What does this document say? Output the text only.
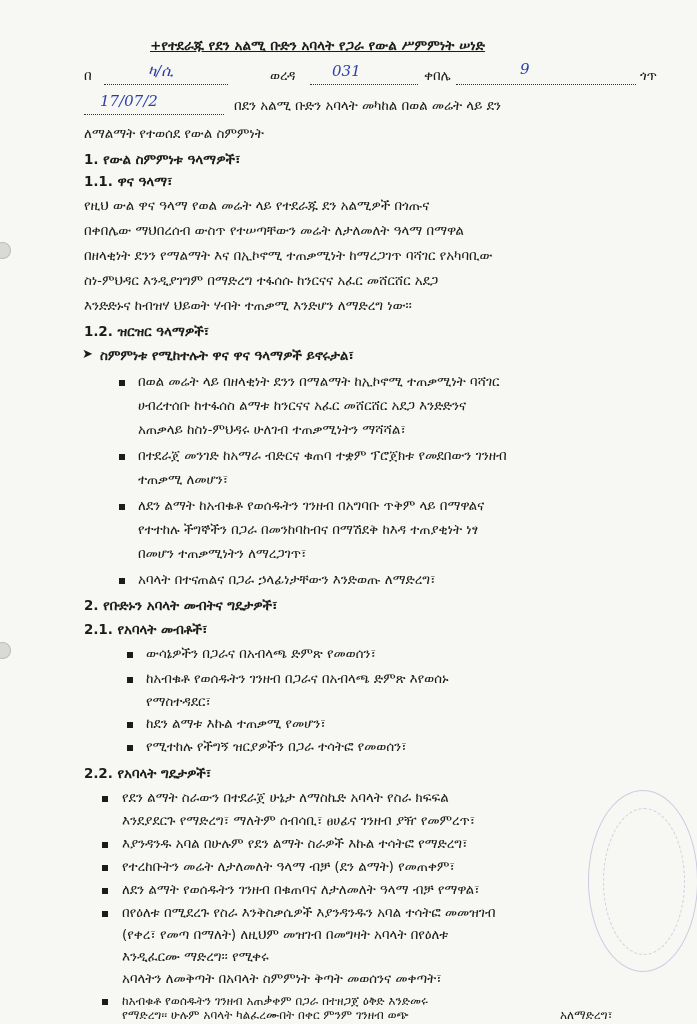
+የተደራጁ የደን አልሚ ቡድን አባላት የጋራ የውል ሥምምነት ሠነድ
በ	ካ/ሲ	ወረዳ 031	ቀበሌ	9	ጎጥ
17/07/2	በደን አልሚ ቡድን አባላት መካከል በወል መሬት ላይ ደን
ለማልማት የተወሰደ የውል ስምምነት
1. የውል ስምምነቱ ዓላማዎች፣
1.1. ዋና ዓላማ፣
የዚህ ውል ዋና ዓላማ የወል መሬት ላይ የተደራጁ ደን አልሚዎች በጎጡና
በቀበሌው ማህበረሰብ ውስጥ የተሠጣቸውን መሬት ለታለመለት ዓላማ በማዋል
በዘላቂነት ደንን የማልማት እና በኢኮኖሚ ተጠቃሚነት ከማረጋገጥ ባሻገር የአካባቢው
ስነ-ምህዳር እንዲያገግም በማድረግ ተፋሰሱ ከንርናና አፈር መሸርሸር አደጋ
እንድድኑና ከብዝሃ ህይወት ሃብት ተጠቃሚ እንድሆን ለማድረግ ነው፡፡
1.2. ዝርዝር ዓላማዎች፣
➤ ስምምነቱ የሚከተሉት ዋና ዋና ዓላማዎች ይኖሩታል፣
በወል መሬት ላይ በዘላቂነት ደንን በማልማት ከኢኮኖሚ ተጠቃሚነት ባሻገር
ሀብረተሰቡ ከተፋሰስ ልማቱ ከንርናና አፈር መሸርሸር አደጋ እንድድንና
አጠቃላይ ከስነ-ምህዳሩ ሁለገብ ተጠቃሚነትን ማሻሻል፣
በተደራጀ መንገድ ከአማራ ብድርና ቁጠባ ተቋም ፕሮጀክቱ የመደበውን ገንዘብ
ተጠቃሚ ለመሆን፣
ለደን ልማት ከአብቁቶ የወሰዱትን ገንዘብ በአግባቡ ጥቅም ላይ በማዋልና
የተተከሉ ችግኞችን በጋራ በመንከባከብና በማሽደቅ ከእዳ ተጠያቂነት ነፃ
በመሆን ተጠቃሚነትን ለማረጋገጥ፣
አባላት በተናጠልና በጋራ ኃላፊነታቸውን እንድወጡ ለማድረግ፣
2. የቡድኑን አባላት መብትና ግዴታዎች፣
2.1. የአባላት መብቶች፣
ውሳኔዎችን በጋራና በአብላጫ ድምጽ የመወሰን፣
ከአብቁቶ የወሰዱትን ገንዘብ በጋራና በአብላጫ ድምጽ እየወሰኑ
የማስተዳደር፣
ከደን ልማቱ እኩል ተጠቃሚ የመሆን፣
የሚተከሉ የችግኝ ዝርያዎችን በጋራ ተሳትፎ የመወሰን፣
2.2. የአባላት ግዴታዎች፣
የደን ልማት ስራውን በተደራጀ ሁኔታ ለማስኬድ አባላት የስራ ክፍፍል
እንደያደርጉ የማድረግ፣ ማለትም ሰብሳቢ፣ ፀሀፊና ገንዘብ ያዥ የመምረጥ፣
እያንዳንዱ አባል በሁሉም የደን ልማት ስራዎች እኩል ተሳትፎ የማድረግ፣
የተረከቡትን መሬት ለታለመለት ዓላማ ብቻ (ደን ልማት) የመጠቀም፣
ለደን ልማት የወሰዱትን ገንዘብ በቁጠባና ለታለመለት ዓላማ ብቻ የማዋል፣
በየዕለቱ በሚደረጉ የስራ እንቅስቃሴዎች እያንዳንዱን አባል ተሳትፎ መመዝገብ
(የቀረ፣ የመጣ በማለት) ለዚህም መዝገብ በመግዛት አባላት በየዕለቱ
እንዲፈርሙ ማድረግ፡፡ የሚቀሩ
አባላትን ለመቅጣት በአባላት ስምምነት ቅጣት መወሰንና መቀጣት፣
ከአብቁቶ የወሰዱትን ገንዘብ አጠቃቀም በጋራ በተዘጋጀ ዕቅድ እንድመሩ
የማድረግ፡፡ ሁሉም አባላት ካልፈረሙበት በቀር ምንም ገንዘብ ወጭ	አለማድረግ፣
